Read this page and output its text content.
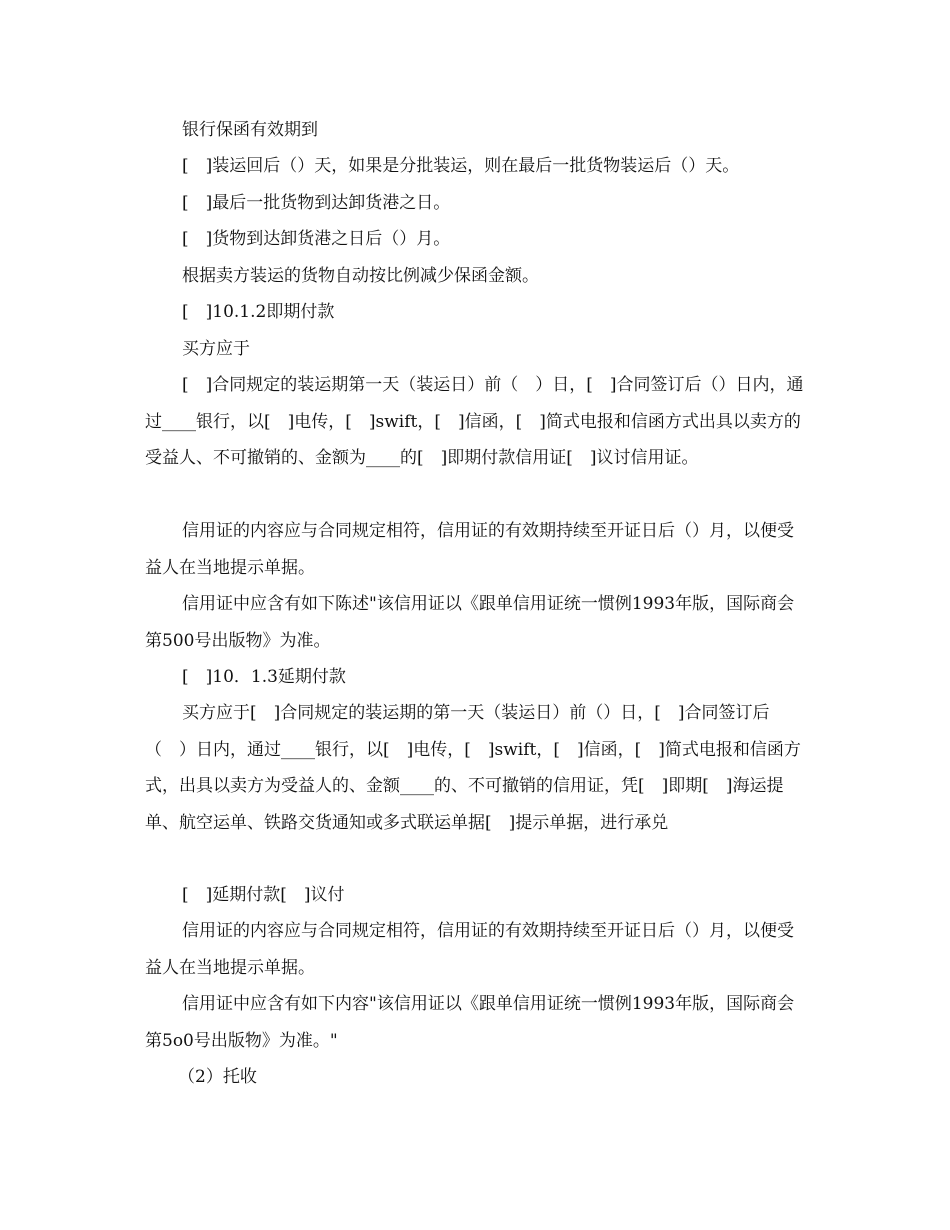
银行保函有效期到
[　]装运回后（）天，如果是分批装运，则在最后一批货物装运后（）天。
[　]最后一批货物到达卸货港之日。
[　]货物到达卸货港之日后（）月。
根据卖方装运的货物自动按比例减少保函金额。
[　]10.1.2即期付款
买方应于
[　]合同规定的装运期第一天（装运日）前（　）日，[　]合同签订后（）日内，通过____银行，以[　]电传，[　]swift，[　]信函，[　]简式电报和信函方式出具以卖方的受益人、不可撤销的、金额为____的[　]即期付款信用证[　]议讨信用证。
信用证的内容应与合同规定相符，信用证的有效期持续至开证日后（）月，以便受益人在当地提示单据。
信用证中应含有如下陈述"该信用证以《跟单信用证统一惯例1993年版，国际商会第500号出版物》为准。
[　]10．1.3延期付款
买方应于[　]合同规定的装运期的第一天（装运日）前（）日，[　]合同签订后（　）日内，通过____银行，以[　]电传，[　]swift，[　]信函，[　]简式电报和信函方式，出具以卖方为受益人的、金额____的、不可撤销的信用证，凭[　]即期[　]海运提单、航空运单、铁路交货通知或多式联运单据[　]提示单据，进行承兑
[　]延期付款[　]议付
信用证的内容应与合同规定相符，信用证的有效期持续至开证日后（）月，以便受益人在当地提示单据。
信用证中应含有如下内容"该信用证以《跟单信用证统一惯例1993年版，国际商会第5o0号出版物》为准。"
（2）托收
